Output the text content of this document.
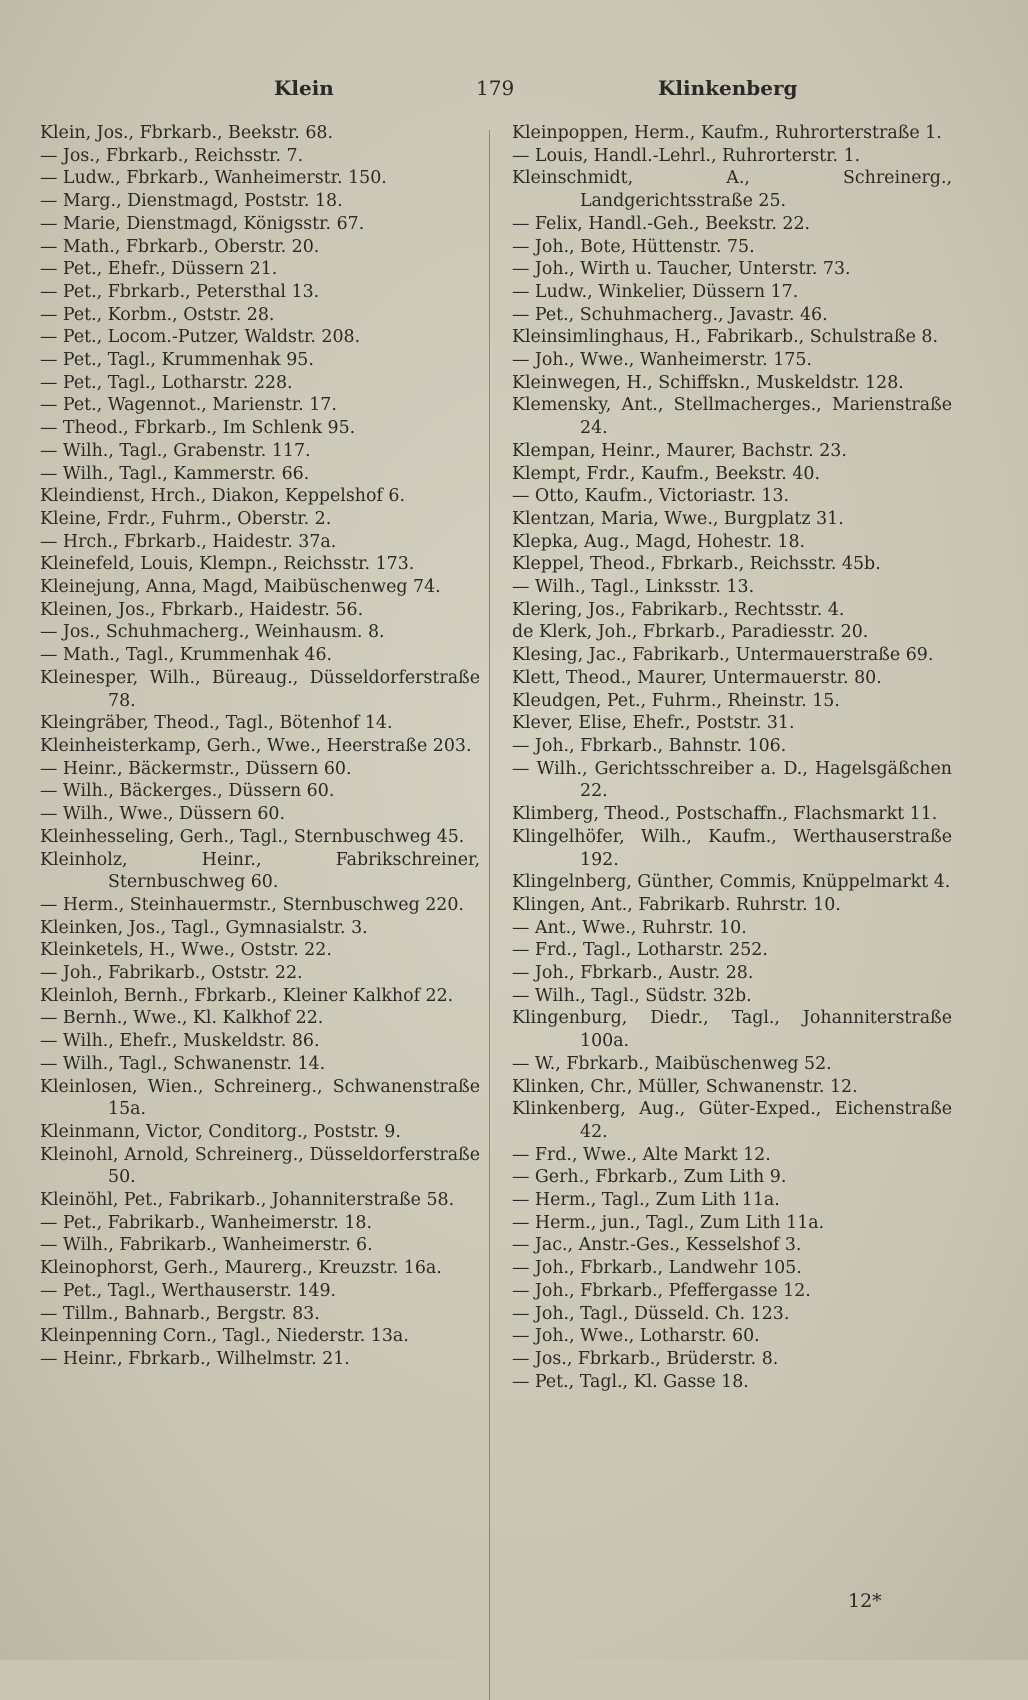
Klein	179	Klinkenberg
Klein, Jos., Fbrkarb., Beekstr. 68.
— Jos., Fbrkarb., Reichsstr. 7.
— Ludw., Fbrkarb., Wanheimerstr. 150.
— Marg., Dienstmagd, Poststr. 18.
— Marie, Dienstmagd, Königsstr. 67.
— Math., Fbrkarb., Oberstr. 20.
— Pet., Ehefr., Düssern 21.
— Pet., Fbrkarb., Petersthal 13.
— Pet., Korbm., Oststr. 28.
— Pet., Locom.-Putzer, Waldstr. 208.
— Pet., Tagl., Krummenhak 95.
— Pet., Tagl., Lotharstr. 228.
— Pet., Wagennot., Marienstr. 17.
— Theod., Fbrkarb., Im Schlenk 95.
— Wilh., Tagl., Grabenstr. 117.
— Wilh., Tagl., Kammerstr. 66.
Kleindienst, Hrch., Diakon, Keppelshof 6.
Kleine, Frdr., Fuhrm., Oberstr. 2.
— Hrch., Fbrkarb., Haidestr. 37a.
Kleinefeld, Louis, Klempn., Reichsstr. 173.
Kleinejung, Anna, Magd, Maibüschenweg 74.
Kleinen, Jos., Fbrkarb., Haidestr. 56.
— Jos., Schuhmacherg., Weinhausm. 8.
— Math., Tagl., Krummenhak 46.
Kleinesper, Wilh., Büreaug., Düsseldorferstraße 78.
Kleingräber, Theod., Tagl., Bötenhof 14.
Kleinheisterkamp, Gerh., Wwe., Heerstraße 203.
— Heinr., Bäckermstr., Düssern 60.
— Wilh., Bäckerges., Düssern 60.
— Wilh., Wwe., Düssern 60.
Kleinhesseling, Gerh., Tagl., Sternbuschweg 45.
Kleinholz, Heinr., Fabrikschreiner, Sternbuschweg 60.
— Herm., Steinhauermstr., Sternbuschweg 220.
Kleinken, Jos., Tagl., Gymnasialstr. 3.
Kleinketels, H., Wwe., Oststr. 22.
— Joh., Fabrikarb., Oststr. 22.
Kleinloh, Bernh., Fbrkarb., Kleiner Kalkhof 22.
— Bernh., Wwe., Kl. Kalkhof 22.
— Wilh., Ehefr., Muskeldstr. 86.
— Wilh., Tagl., Schwanenstr. 14.
Kleinlosen, Wien., Schreinerg., Schwanenstraße 15a.
Kleinmann, Victor, Conditorg., Poststr. 9.
Kleinohl, Arnold, Schreinerg., Düsseldorferstraße 50.
Kleinöhl, Pet., Fabrikarb., Johanniterstraße 58.
— Pet., Fabrikarb., Wanheimerstr. 18.
— Wilh., Fabrikarb., Wanheimerstr. 6.
Kleinophorst, Gerh., Maurerg., Kreuzstr. 16a.
— Pet., Tagl., Werthauserstr. 149.
— Tillm., Bahnarb., Bergstr. 83.
Kleinpenning Corn., Tagl., Niederstr. 13a.
— Heinr., Fbrkarb., Wilhelmstr. 21.
Kleinpoppen, Herm., Kaufm., Ruhrorterstraße 1.
— Louis, Handl.-Lehrl., Ruhrorterstr. 1.
Kleinschmidt, A., Schreinerg., Landgerichtsstraße 25.
— Felix, Handl.-Geh., Beekstr. 22.
— Joh., Bote, Hüttenstr. 75.
— Joh., Wirth u. Taucher, Unterstr. 73.
— Ludw., Winkelier, Düssern 17.
— Pet., Schuhmacherg., Javastr. 46.
Kleinsimlinghaus, H., Fabrikarb., Schulstraße 8.
— Joh., Wwe., Wanheimerstr. 175.
Kleinwegen, H., Schiffskn., Muskeldstr. 128.
Klemensky, Ant., Stellmacherges., Marienstraße 24.
Klempan, Heinr., Maurer, Bachstr. 23.
Klempt, Frdr., Kaufm., Beekstr. 40.
— Otto, Kaufm., Victoriastr. 13.
Klentzan, Maria, Wwe., Burgplatz 31.
Klepka, Aug., Magd, Hohestr. 18.
Kleppel, Theod., Fbrkarb., Reichsstr. 45b.
— Wilh., Tagl., Linksstr. 13.
Klering, Jos., Fabrikarb., Rechtsstr. 4.
de Klerk, Joh., Fbrkarb., Paradiesstr. 20.
Klesing, Jac., Fabrikarb., Untermauerstraße 69.
Klett, Theod., Maurer, Untermauerstr. 80.
Kleudgen, Pet., Fuhrm., Rheinstr. 15.
Klever, Elise, Ehefr., Poststr. 31.
— Joh., Fbrkarb., Bahnstr. 106.
— Wilh., Gerichtsschreiber a. D., Hagelsgäßchen 22.
Klimberg, Theod., Postschaffn., Flachsmarkt 11.
Klingelhöfer, Wilh., Kaufm., Werthauserstraße 192.
Klingelnberg, Günther, Commis, Knüppelmarkt 4.
Klingen, Ant., Fabrikarb. Ruhrstr. 10.
— Ant., Wwe., Ruhrstr. 10.
— Frd., Tagl., Lotharstr. 252.
— Joh., Fbrkarb., Austr. 28.
— Wilh., Tagl., Südstr. 32b.
Klingenburg, Diedr., Tagl., Johanniterstraße 100a.
— W., Fbrkarb., Maibüschenweg 52.
Klinken, Chr., Müller, Schwanenstr. 12.
Klinkenberg, Aug., Güter-Exped., Eichenstraße 42.
— Frd., Wwe., Alte Markt 12.
— Gerh., Fbrkarb., Zum Lith 9.
— Herm., Tagl., Zum Lith 11a.
— Herm., jun., Tagl., Zum Lith 11a.
— Jac., Anstr.-Ges., Kesselshof 3.
— Joh., Fbrkarb., Landwehr 105.
— Joh., Fbrkarb., Pfeffergasse 12.
— Joh., Tagl., Düsseld. Ch. 123.
— Joh., Wwe., Lotharstr. 60.
— Jos., Fbrkarb., Brüderstr. 8.
— Pet., Tagl., Kl. Gasse 18.
12*
